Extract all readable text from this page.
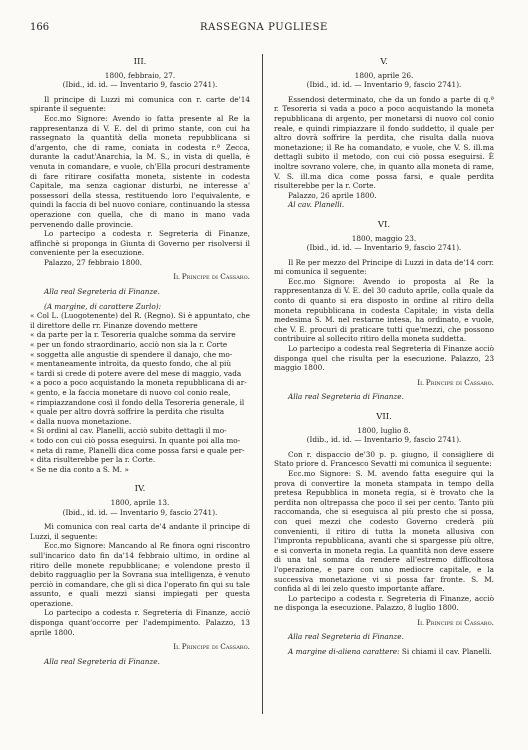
166	RASSEGNA PUGLIESE
III.
1800, febbraio, 27.
(Ibid., id. id. — Inventario 9, fascio 2741).

Il principe di Luzzi mi comunica con r. carte de'14 spirante il seguente:

Ecc.mo Signore: Avendo io fatta presente al Re la rappresentanza di V. E. del di primo stante, con cui ha rassegnato la quantità della moneta repubblicana si d'argento, che di rame, coniata in codesta r.ª Zecca, durante la cadut'Anarchia, la M. S., in vista di quella, è venuta in comandare, e vuole, ch'Ella procuri destramente di fare ritirare cosifatta moneta, sistente in codesta Capitale, ma senza cagionar disturbi, ne interesse a' possessori della stessa, restituendo loro l'equivalente, e quindi la faccia di bel nuovo coniare, continuando la stessa operazione con quella, che di mano in mano vada pervenendo dalle provincie.

Lo partecipo a codesta r. Segreteria di Finanze, affinchè si proponga in Giunta di Governo per risolversi il conveniente per la esecuzione.

Palazzo, 27 febbraio 1800.

Il Principe di Cassaro.
Alla real Segreteria di Finanze.
(A margine, di carattere Zurlo):

« Col L. (Luogotenente) del R. (Regno). Si è appuntato, che il direttore delle rr. Finanze dovendo mettere

« da parte per la r. Tesoreria qualche somma da servire

« per un fondo straordinario, acciò non sia la r. Corte

« soggetta alle angustie di spendere il danajo, che mo-

« mentaneamente introita, da questo fondo, che al più

« tardi si crede di potere avere del mese di maggio, vada

« a poco a poco acquistando la moneta repubblicana di ar-

« gento, e la faccia monetare di nuovo col conio reale,

« rimpiazzandone così il fondo della Tesoreria generale, il

« quale per altro dovrà soffrire la perdita che risulta

« dalla nuova monetazione.

« Si ordini al cav. Planelli, acciò subito dettagli il mo-

« todo con cui ciò possa eseguirsi. In quante poi alla mo-

« neta di rame, Planelli dica come possa farsi e quale per-

« dita risulterebbe per la r. Corte.

« Se ne dia conto a S. M. »

IV.
1800, aprile 13.
(Ibid., id. id. — Inventario 9, fascio 2741).

Mi comunica con real carta de'4 andante il principe di Luzzi, il seguente:

Ecc.mo Signore: Mancando al Re finora ogni riscontro sull'incarico dato fin da'14 febbraio ultimo, in ordine al ritiro delle monete repubblicane; e volendone presto il debito ragguaglio per la Sovrana sua intelligenza, è venuto perciò in comandare, che gli si dica l'operato fin qui su tale assunto, e quali mezzi siansi impiegati per questa operazione.

Lo partecipo a codesta r. Segreteria di Finanze, acciò disponga quant'occorre per l'adempimento. Palazzo, 13 aprile 1800.

Il Principe di Cassaro.
Alla real Segreteria di Finanze.
V.
1800, aprile 26.
(Ibid., id. id. — Inventario 9, fascio 2741).

Essendosi determinato, che da un fondo a parte di q.ª r. Tesoreria si vada a poco a poco acquistando la moneta repubblicana di argento, per monetarsi di nuovo col conio reale, e quindi rimpiazzare il fondo suddetto, il quale per altro dovrà soffrire la perdita, che risulta dalla nuova monetazione; il Re ha comandato, e vuole, che V. S. ill.ma dettagli subito il metodo, con cui ciò possa eseguirsi. È inoltre sovrano volere, che, in quanto alla moneta di rame, V. S. ill.ma dica come possa farsi, e quale perdita risulterebbe per la r. Corte.

Palazzo, 26 aprile 1800.

Al cav. Planelli.
VI.
1800, maggio 23.
(Ibid., id. id. — Inventario 9, fascio 2741).

Il Re per mezzo del Principe di Luzzi in data de'14 corr. mi comunica il seguente:

Ecc.mo Signore: Avendo io proposta al Re la rappresentanza di V. E. del 30 caduto aprile, colla quale da conto di quanto si era disposto in ordine al ritiro della moneta repubblicana in codesta Capitale; in vista della medesima S. M. nel restarne intesa, ha ordinato, e vuole, che V. E. procuri di praticare tutti que'mezzi, che possono contribuire al sollecito ritiro della moneta suddetta.

Lo partecipo a codesta real Segreteria di Finanze acciò disponga quel che risulta per la esecuzione. Palazzo, 23 maggio 1800.

Il Principe di Cassaro.
Alla real Segreteria di Finanze.
VII.
1800, luglio 8.
(Idib., id. id. — Inventario 9, fascio 2741).

Con r. dispaccio de'30 p. p. giugno, il consigliere di Stato priore d. Francesco Sevatti mi comunica il seguente:

Ecc.mo Signore: S. M. avendo fatta eseguire qui la prova di convertire la moneta stampata in tempo della pretesa Repubblica in moneta regia, si è trovato che la perdita non oltrepassa che poco il sei per cento. Tanto più raccomanda, che si eseguisca al più presto che si possa, con quei mezzi che codesto Governo crederà più convenienti, il ritiro di tutta la moneta allusiva con l'impronta repubblicana, avanti che si spargesse più oltre, e si converta in moneta regia. La quantità non deve essere di una tal somma da rendere all'estremo difficoltosa l'operazione, e pare con uno mediocre capitale, e la successiva monetazione vi si possa far fronte. S. M. confida al di lei zelo questo importante affare.

Lo partecipo a codesta r. Segreteria di Finanze, acciò ne disponga la esecuzione. Palazzo, 8 luglio 1800.

Il Principe di Cassaro.
Alla real Segreteria di Finanze.
A margine di-aliena carattere: Si chiami il cav. Planelli.
